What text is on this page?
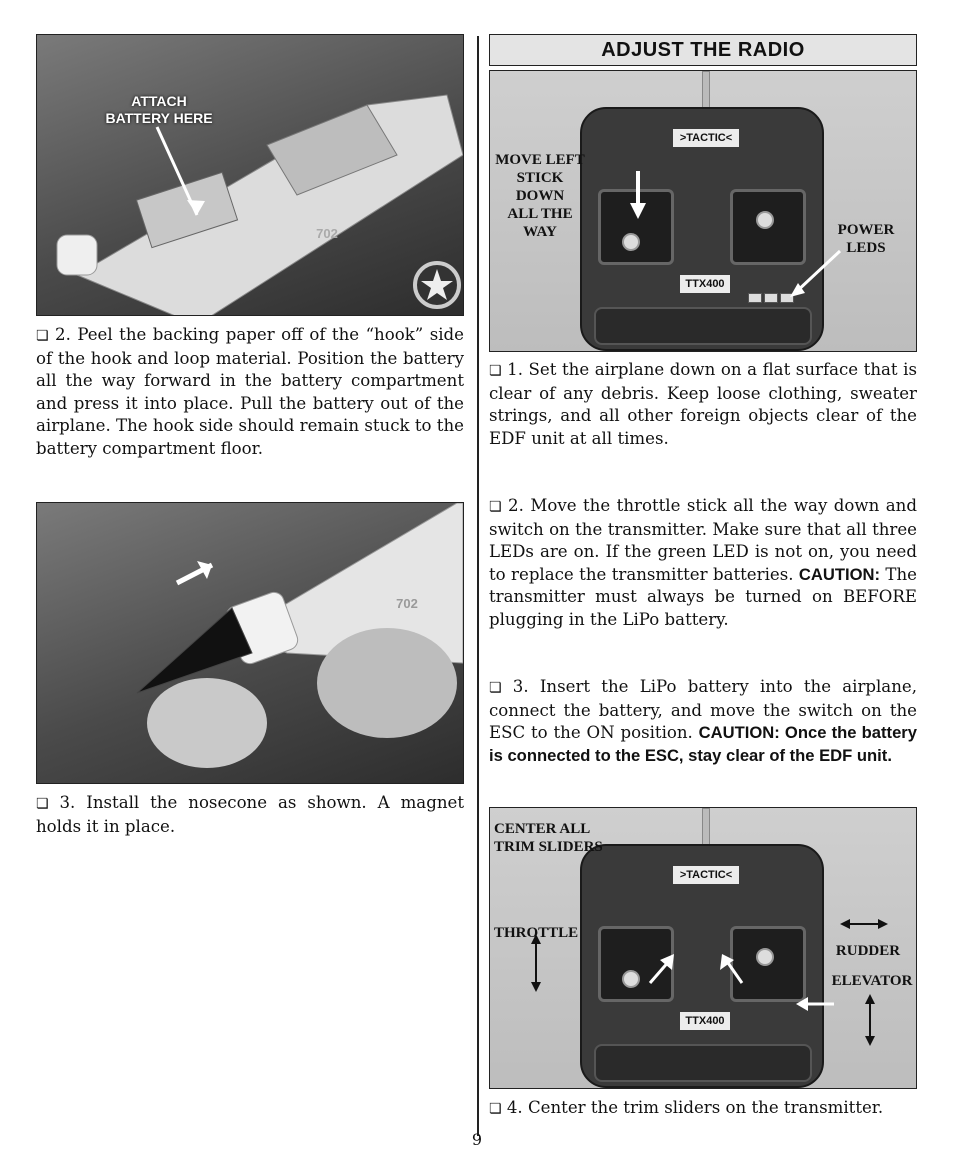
ATTACH
BATTERY HERE
702

❏ 2. Peel the backing paper off of the “hook” side of the hook and loop material. Position the battery all the way forward in the battery compartment and press it into place. Pull the battery out of the airplane. The hook side should remain stuck to the battery compartment floor.

702

❏ 3. Install the nosecone as shown. A magnet holds it in place.

ADJUST THE RADIO
>TACTIC<
TTX400
MOVE LEFT
STICK
DOWN
ALL THE
WAY	POWER
LEDS

❏ 1. Set the airplane down on a flat surface that is clear of any debris. Keep loose clothing, sweater strings, and all other foreign objects clear of the EDF unit at all times.

❏ 2. Move the throttle stick all the way down and switch on the transmitter. Make sure that all three LEDs are on. If the green LED is not on, you need to replace the transmitter batteries. CAUTION: The transmitter must always be turned on BEFORE plugging in the LiPo battery.

❏ 3. Insert the LiPo battery into the airplane, connect the battery, and move the switch on the ESC to the ON position. CAUTION: Once the battery is connected to the ESC, stay clear of the EDF unit.

>TACTIC<
TTX400
CENTER ALL
TRIM SLIDERS
THROTTLE
RUDDER
ELEVATOR

❏ 4. Center the trim sliders on the transmitter.

9
